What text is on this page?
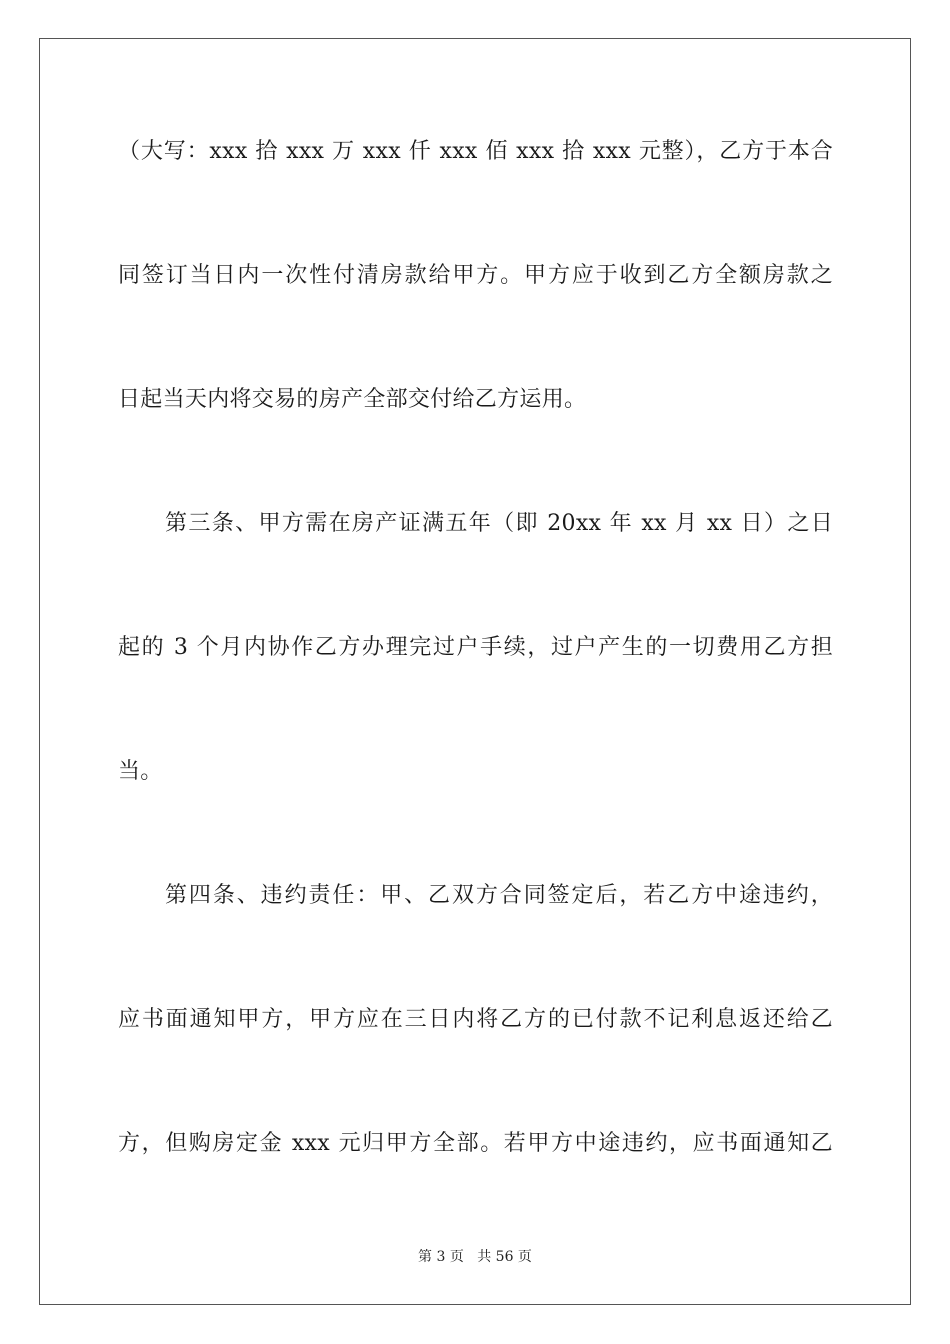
（大写：xxx 拾 xxx 万 xxx 仟 xxx 佰 xxx 拾 xxx 元整），乙方于本合
同签订当日内一次性付清房款给甲方。甲方应于收到乙方全额房款之
日起当天内将交易的房产全部交付给乙方运用。
第三条、甲方需在房产证满五年（即 20xx 年 xx 月 xx 日）之日
起的 3 个月内协作乙方办理完过户手续，过户产生的一切费用乙方担
当。
第四条、违约责任：甲、乙双方合同签定后，若乙方中途违约，
应书面通知甲方，甲方应在三日内将乙方的已付款不记利息返还给乙
方，但购房定金 xxx 元归甲方全部。若甲方中途违约，应书面通知乙
第 3 页 共 56 页
